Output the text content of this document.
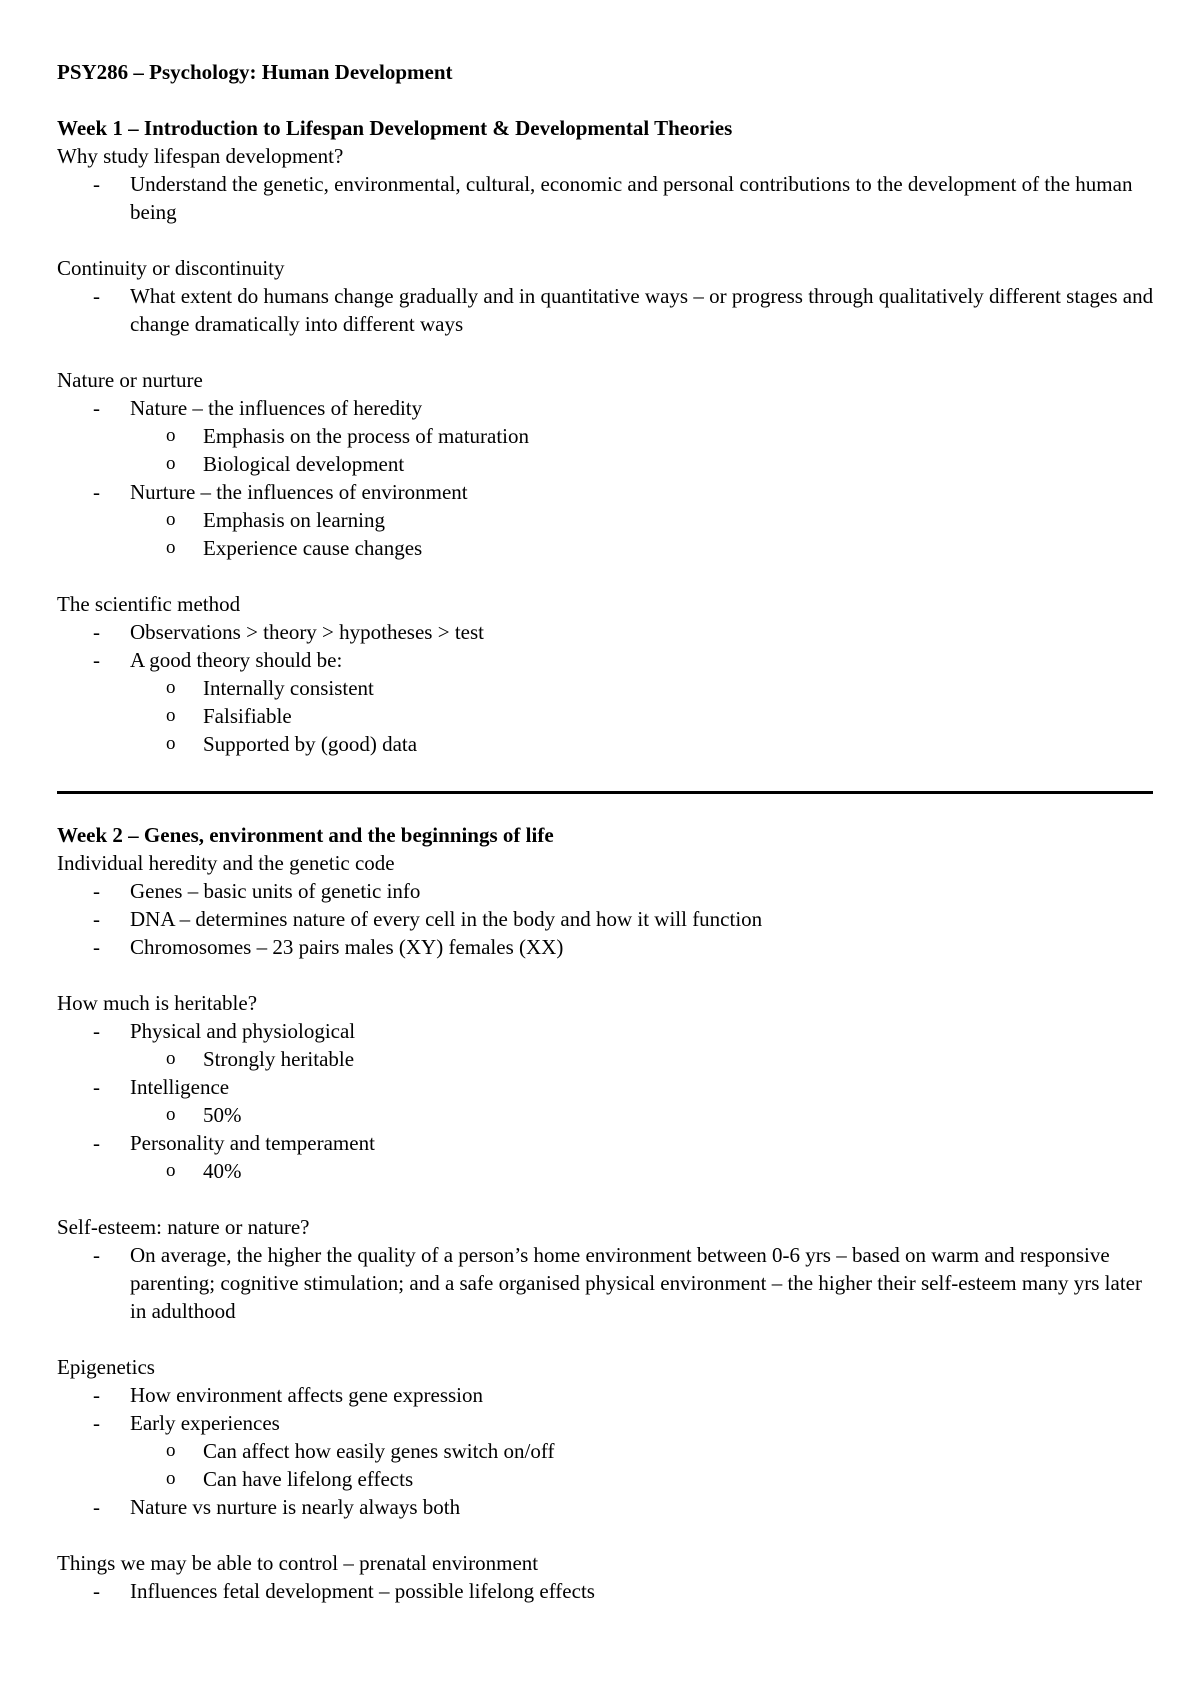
PSY286 – Psychology: Human Development

Week 1 – Introduction to Lifespan Development & Developmental Theories

Why study lifespan development?

- Understand the genetic, environmental, cultural, economic and personal contributions to the development of the human being

Continuity or discontinuity

- What extent do humans change gradually and in quantitative ways – or progress through qualitatively different stages and change dramatically into different ways

Nature or nurture

- Nature – the influences of heredity
o Emphasis on the process of maturation
o Biological development
- Nurture – the influences of environment
o Emphasis on learning
o Experience cause changes

The scientific method

- Observations > theory > hypotheses > test
- A good theory should be:
o Internally consistent
o Falsifiable
o Supported by (good) data

Week 2 – Genes, environment and the beginnings of life

Individual heredity and the genetic code

- Genes – basic units of genetic info
- DNA – determines nature of every cell in the body and how it will function
- Chromosomes – 23 pairs males (XY) females (XX)

How much is heritable?

- Physical and physiological
o Strongly heritable
- Intelligence
o 50%
- Personality and temperament
o 40%

Self-esteem: nature or nature?

- On average, the higher the quality of a person’s home environment between 0-6 yrs – based on warm and responsive parenting; cognitive stimulation; and a safe organised physical environment – the higher their self-esteem many yrs later in adulthood

Epigenetics

- How environment affects gene expression
- Early experiences
o Can affect how easily genes switch on/off
o Can have lifelong effects
- Nature vs nurture is nearly always both

Things we may be able to control – prenatal environment

- Influences fetal development – possible lifelong effects
